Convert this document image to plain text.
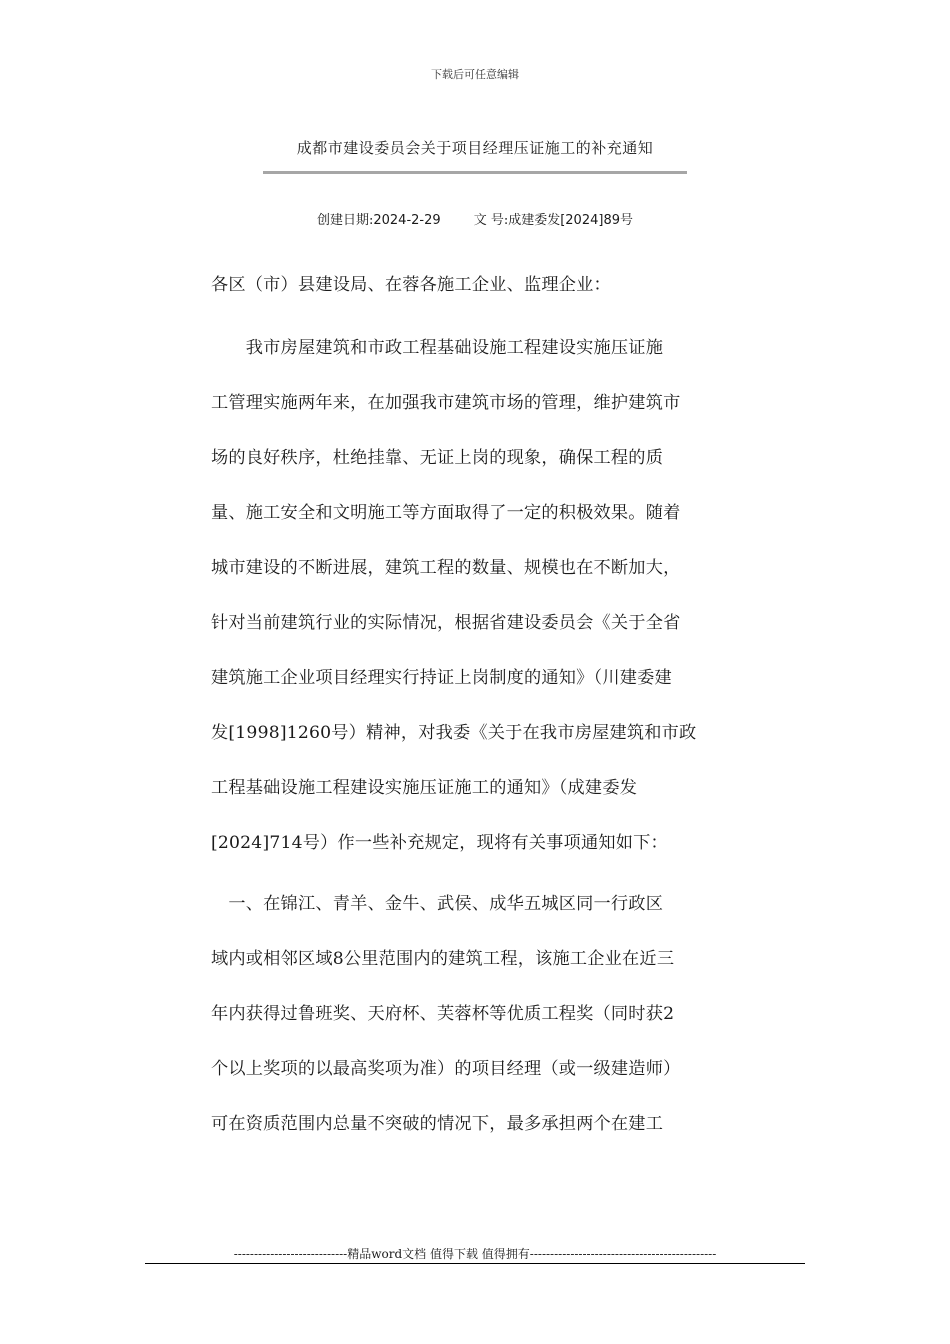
下载后可任意编辑
成都市建设委员会关于项目经理压证施工的补充通知
创建日期:2024-2-29	文 号:成建委发[2024]89号
各区（市）县建设局、在蓉各施工企业、监理企业：
　　我市房屋建筑和市政工程基础设施工程建设实施压证施
工管理实施两年来，在加强我市建筑市场的管理，维护建筑市
场的良好秩序，杜绝挂靠、无证上岗的现象，确保工程的质
量、施工安全和文明施工等方面取得了一定的积极效果。随着
城市建设的不断进展，建筑工程的数量、规模也在不断加大，
针对当前建筑行业的实际情况，根据省建设委员会《关于全省
建筑施工企业项目经理实行持证上岗制度的通知》（川建委建
发[1998]1260号）精神，对我委《关于在我市房屋建筑和市政
工程基础设施工程建设实施压证施工的通知》（成建委发
[2024]714号）作一些补充规定，现将有关事项通知如下：
　一、在锦江、青羊、金牛、武侯、成华五城区同一行政区
域内或相邻区域8公里范围内的建筑工程，该施工企业在近三
年内获得过鲁班奖、天府杯、芙蓉杯等优质工程奖（同时获2
个以上奖项的以最高奖项为准）的项目经理（或一级建造师）
可在资质范围内总量不突破的情况下，最多承担两个在建工
----------------------------精品word文档 值得下载 值得拥有----------------------------------------------
